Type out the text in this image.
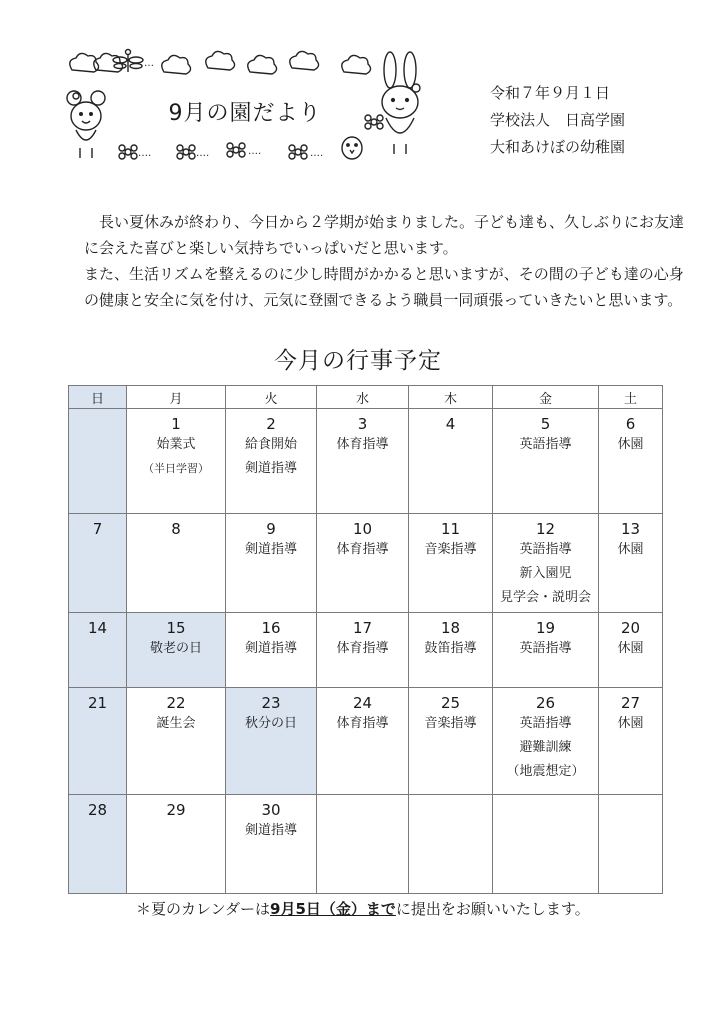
…
‥‥	‥‥	‥‥	‥‥
9月の園だより
令和７年９月１日
学校法人　日高学園
大和あけぼの幼稚園

　長い夏休みが終わり、今日から２学期が始まりました。子ども達も、久しぶりにお友達に会えた喜びと楽しい気持ちでいっぱいだと思います。

また、生活リズムを整えるのに少し時間がかかると思いますが、その間の子ども達の心身の健康と安全に気を付け、元気に登園できるよう職員一同頑張っていきたいと思います。

今月の行事予定
日	月	火	水	木	金	土

	1
始業式
（半日学習）	2
給食開始
剣道指導	3
体育指導	4	5
英語指導	6
休園

7	8	9
剣道指導	10
体育指導	11
音楽指導	12
英語指導
新入園児
見学会・説明会	13
休園

14	15
敬老の日	16
剣道指導	17
体育指導	18
鼓笛指導	19
英語指導	20
休園

21	22
誕生会	23
秋分の日	24
体育指導	25
音楽指導	26
英語指導
避難訓練
（地震想定）	27
休園

28	29	30
剣道指導				

＊夏のカレンダーは9月5日（金）までに提出をお願いいたします。
